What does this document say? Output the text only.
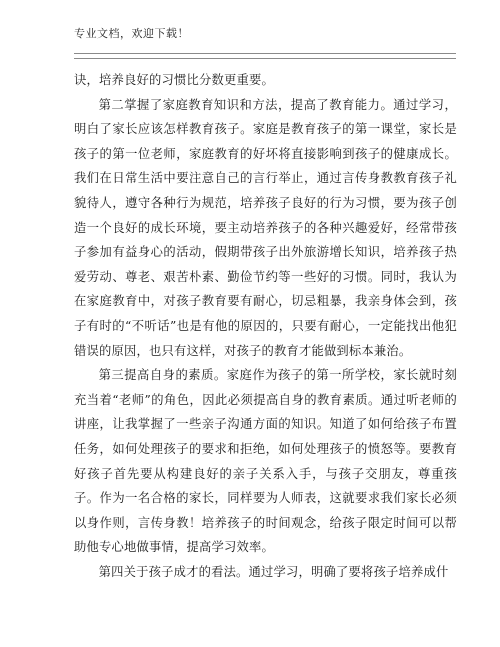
专业文档，欢迎下载！

诀，培养良好的习惯比分数更重要。

第二掌握了家庭教育知识和方法，提高了教育能力。通过学习，明白了家长应该怎样教育孩子。家庭是教育孩子的第一课堂，家长是孩子的第一位老师，家庭教育的好坏将直接影响到孩子的健康成长。我们在日常生活中要注意自己的言行举止，通过言传身教教育孩子礼貌待人，遵守各种行为规范，培养孩子良好的行为习惯，要为孩子创造一个良好的成长环境，要主动培养孩子的各种兴趣爱好，经常带孩子参加有益身心的活动，假期带孩子出外旅游增长知识，培养孩子热爱劳动、尊老、艰苦朴素、勤俭节约等一些好的习惯。同时，我认为在家庭教育中，对孩子教育要有耐心，切忌粗暴，我亲身体会到，孩子有时的“不听话”也是有他的原因的，只要有耐心，一定能找出他犯错误的原因，也只有这样，对孩子的教育才能做到标本兼治。

第三提高自身的素质。家庭作为孩子的第一所学校，家长就时刻充当着“老师”的角色，因此必须提高自身的教育素质。通过听老师的讲座，让我掌握了一些亲子沟通方面的知识。知道了如何给孩子布置任务，如何处理孩子的要求和拒绝，如何处理孩子的愤怒等。要教育好孩子首先要从构建良好的亲子关系入手，与孩子交朋友，尊重孩子。作为一名合格的家长，同样要为人师表，这就要求我们家长必须以身作则，言传身教！培养孩子的时间观念，给孩子限定时间可以帮助他专心地做事情，提高学习效率。

第四关于孩子成才的看法。通过学习，明确了要将孩子培养成什
